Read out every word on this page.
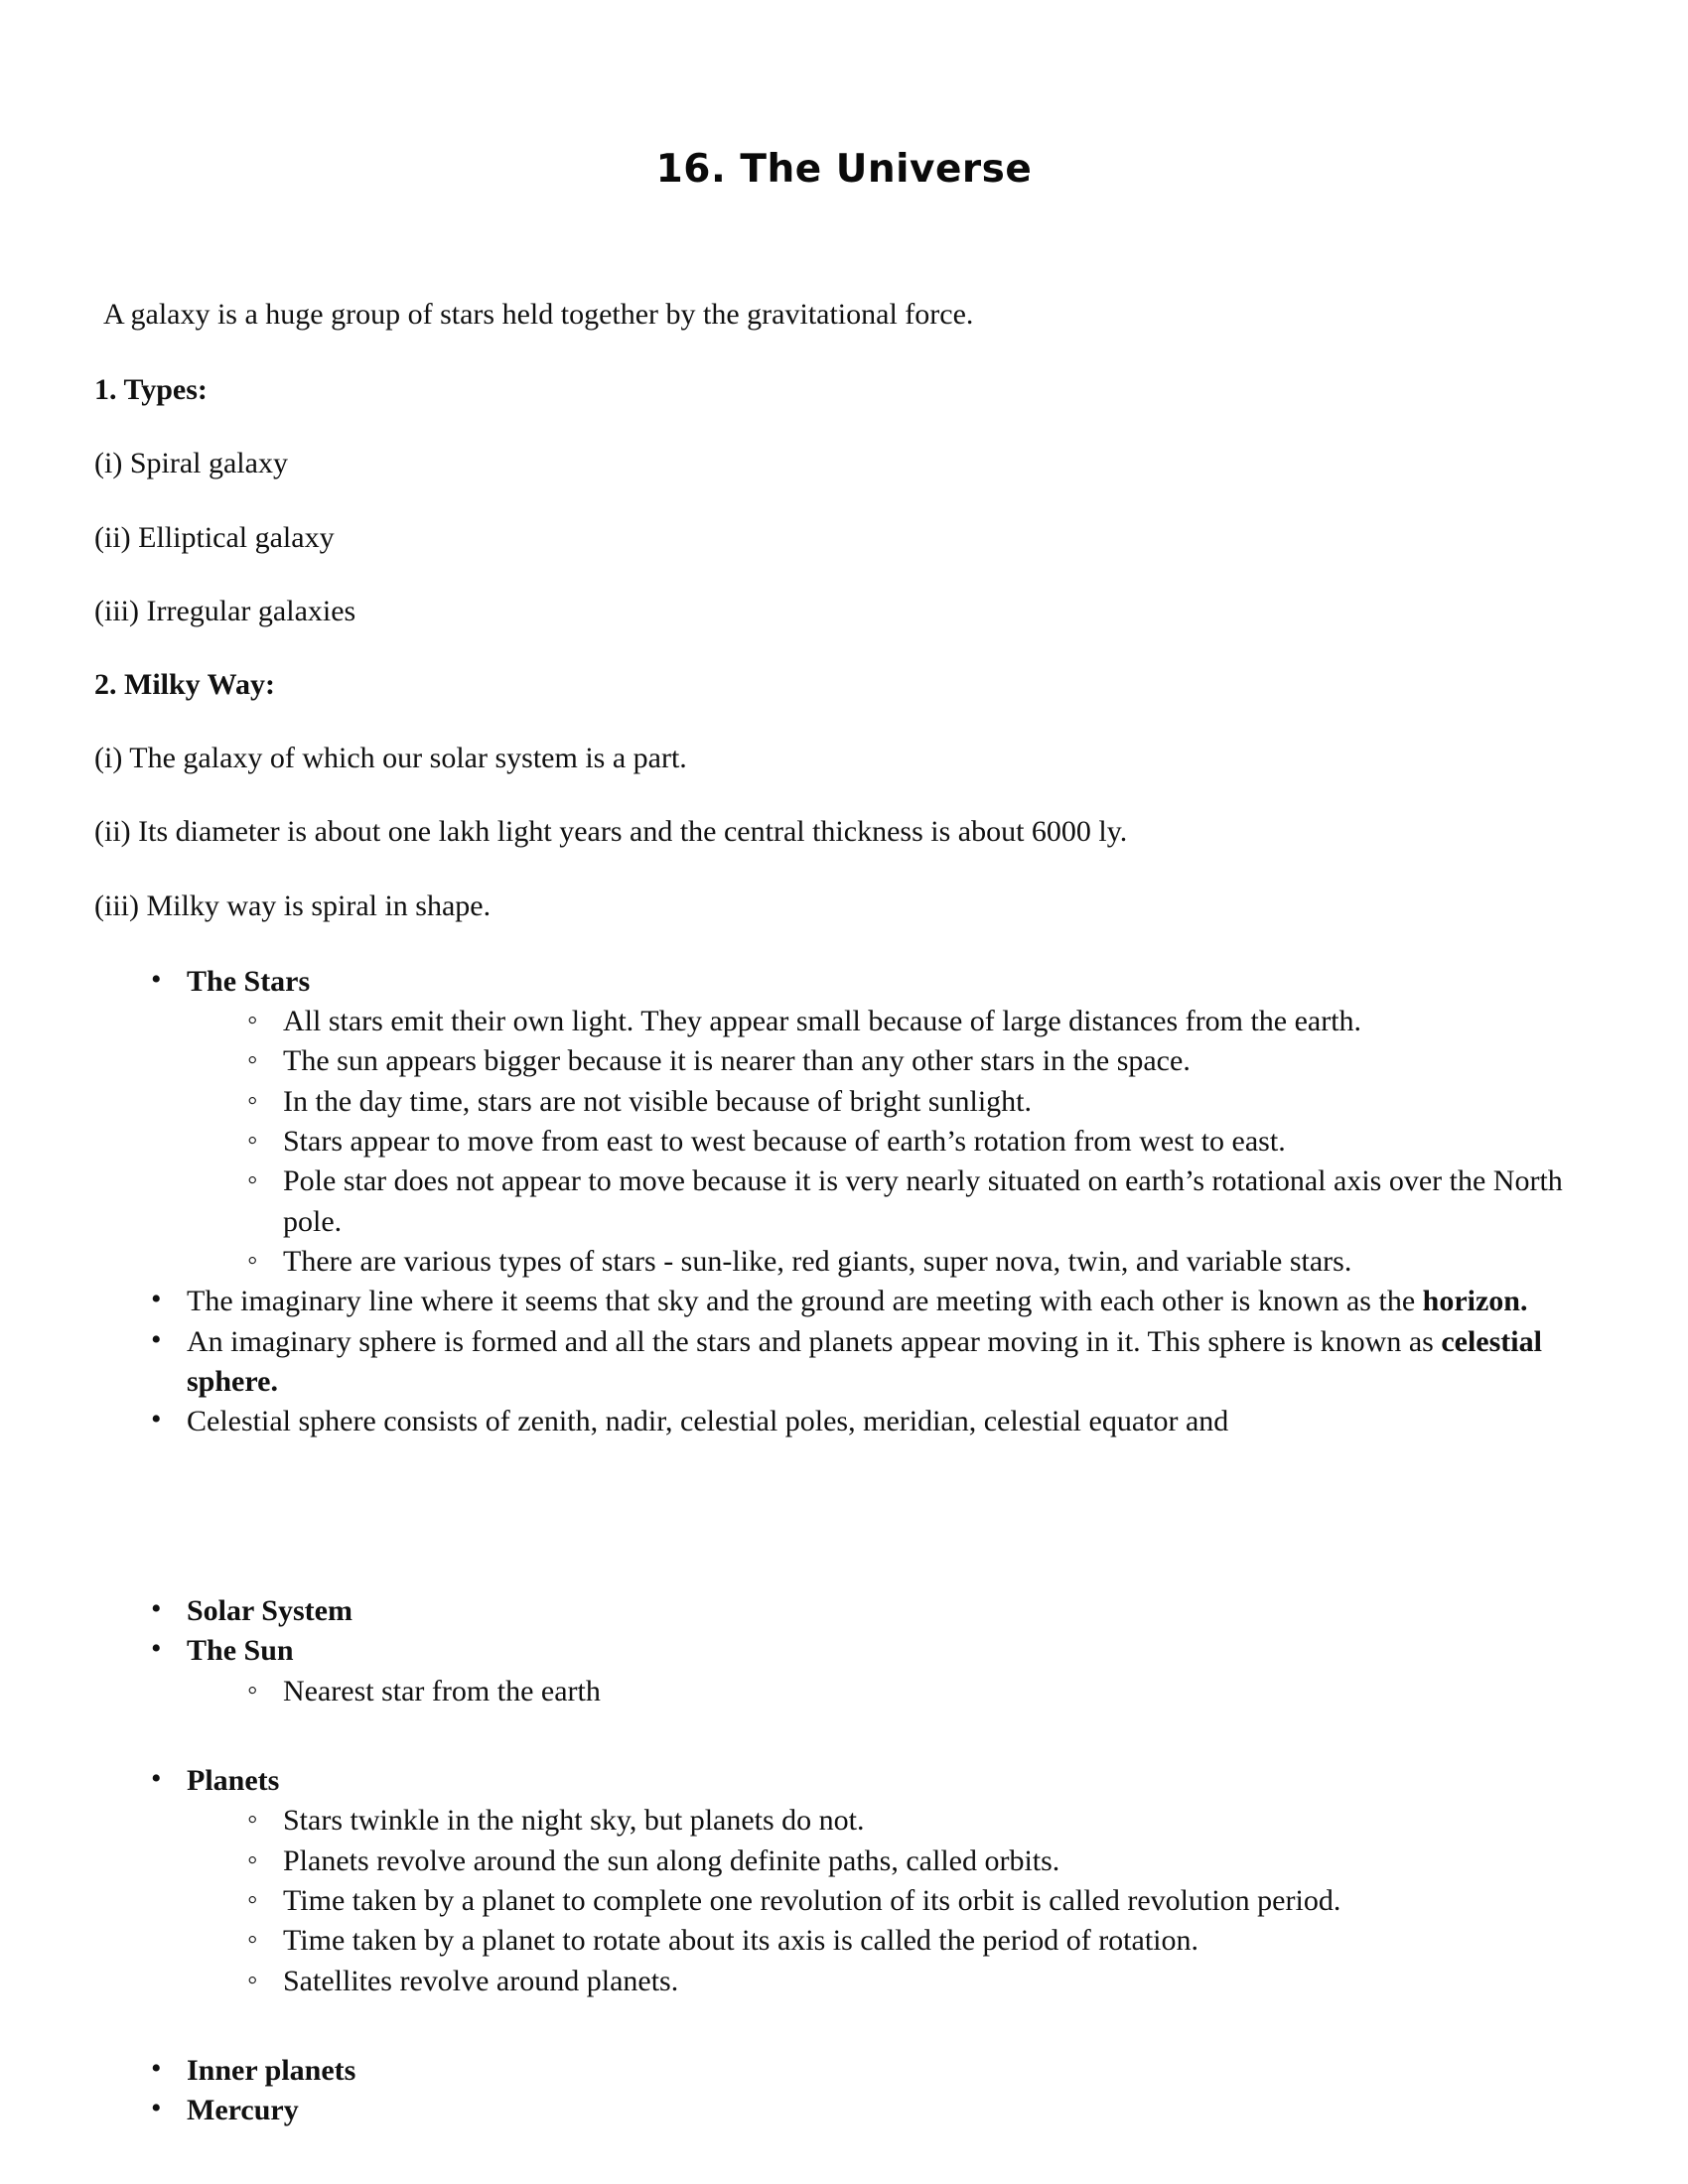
16. The Universe

A galaxy is a huge group of stars held together by the gravitational force.

1. Types:

(i) Spiral galaxy

(ii) Elliptical galaxy

(iii) Irregular galaxies

2. Milky Way:

(i) The galaxy of which our solar system is a part.

(ii) Its diameter is about one lakh light years and the central thickness is about 6000 ly.

(iii) Milky way is spiral in shape.

• The Stars
◦ All stars emit their own light. They appear small because of large distances from the earth.
◦ The sun appears bigger because it is nearer than any other stars in the space.
◦ In the day time, stars are not visible because of bright sunlight.
◦ Stars appear to move from east to west because of earth’s rotation from west to east.
◦ Pole star does not appear to move because it is very nearly situated on earth’s rotational axis over the North pole.
◦ There are various types of stars - sun-like, red giants, super nova, twin, and variable stars.
• The imaginary line where it seems that sky and the ground are meeting with each other is known as the horizon.
• An imaginary sphere is formed and all the stars and planets appear moving in it. This sphere is known as celestial sphere.
• Celestial sphere consists of zenith, nadir, celestial poles, meridian, celestial equator and
• Solar System
• The Sun
◦ Nearest star from the earth
• Planets
◦ Stars twinkle in the night sky, but planets do not.
◦ Planets revolve around the sun along definite paths, called orbits.
◦ Time taken by a planet to complete one revolution of its orbit is called revolution period.
◦ Time taken by a planet to rotate about its axis is called the period of rotation.
◦ Satellites revolve around planets.
• Inner planets
• Mercury
